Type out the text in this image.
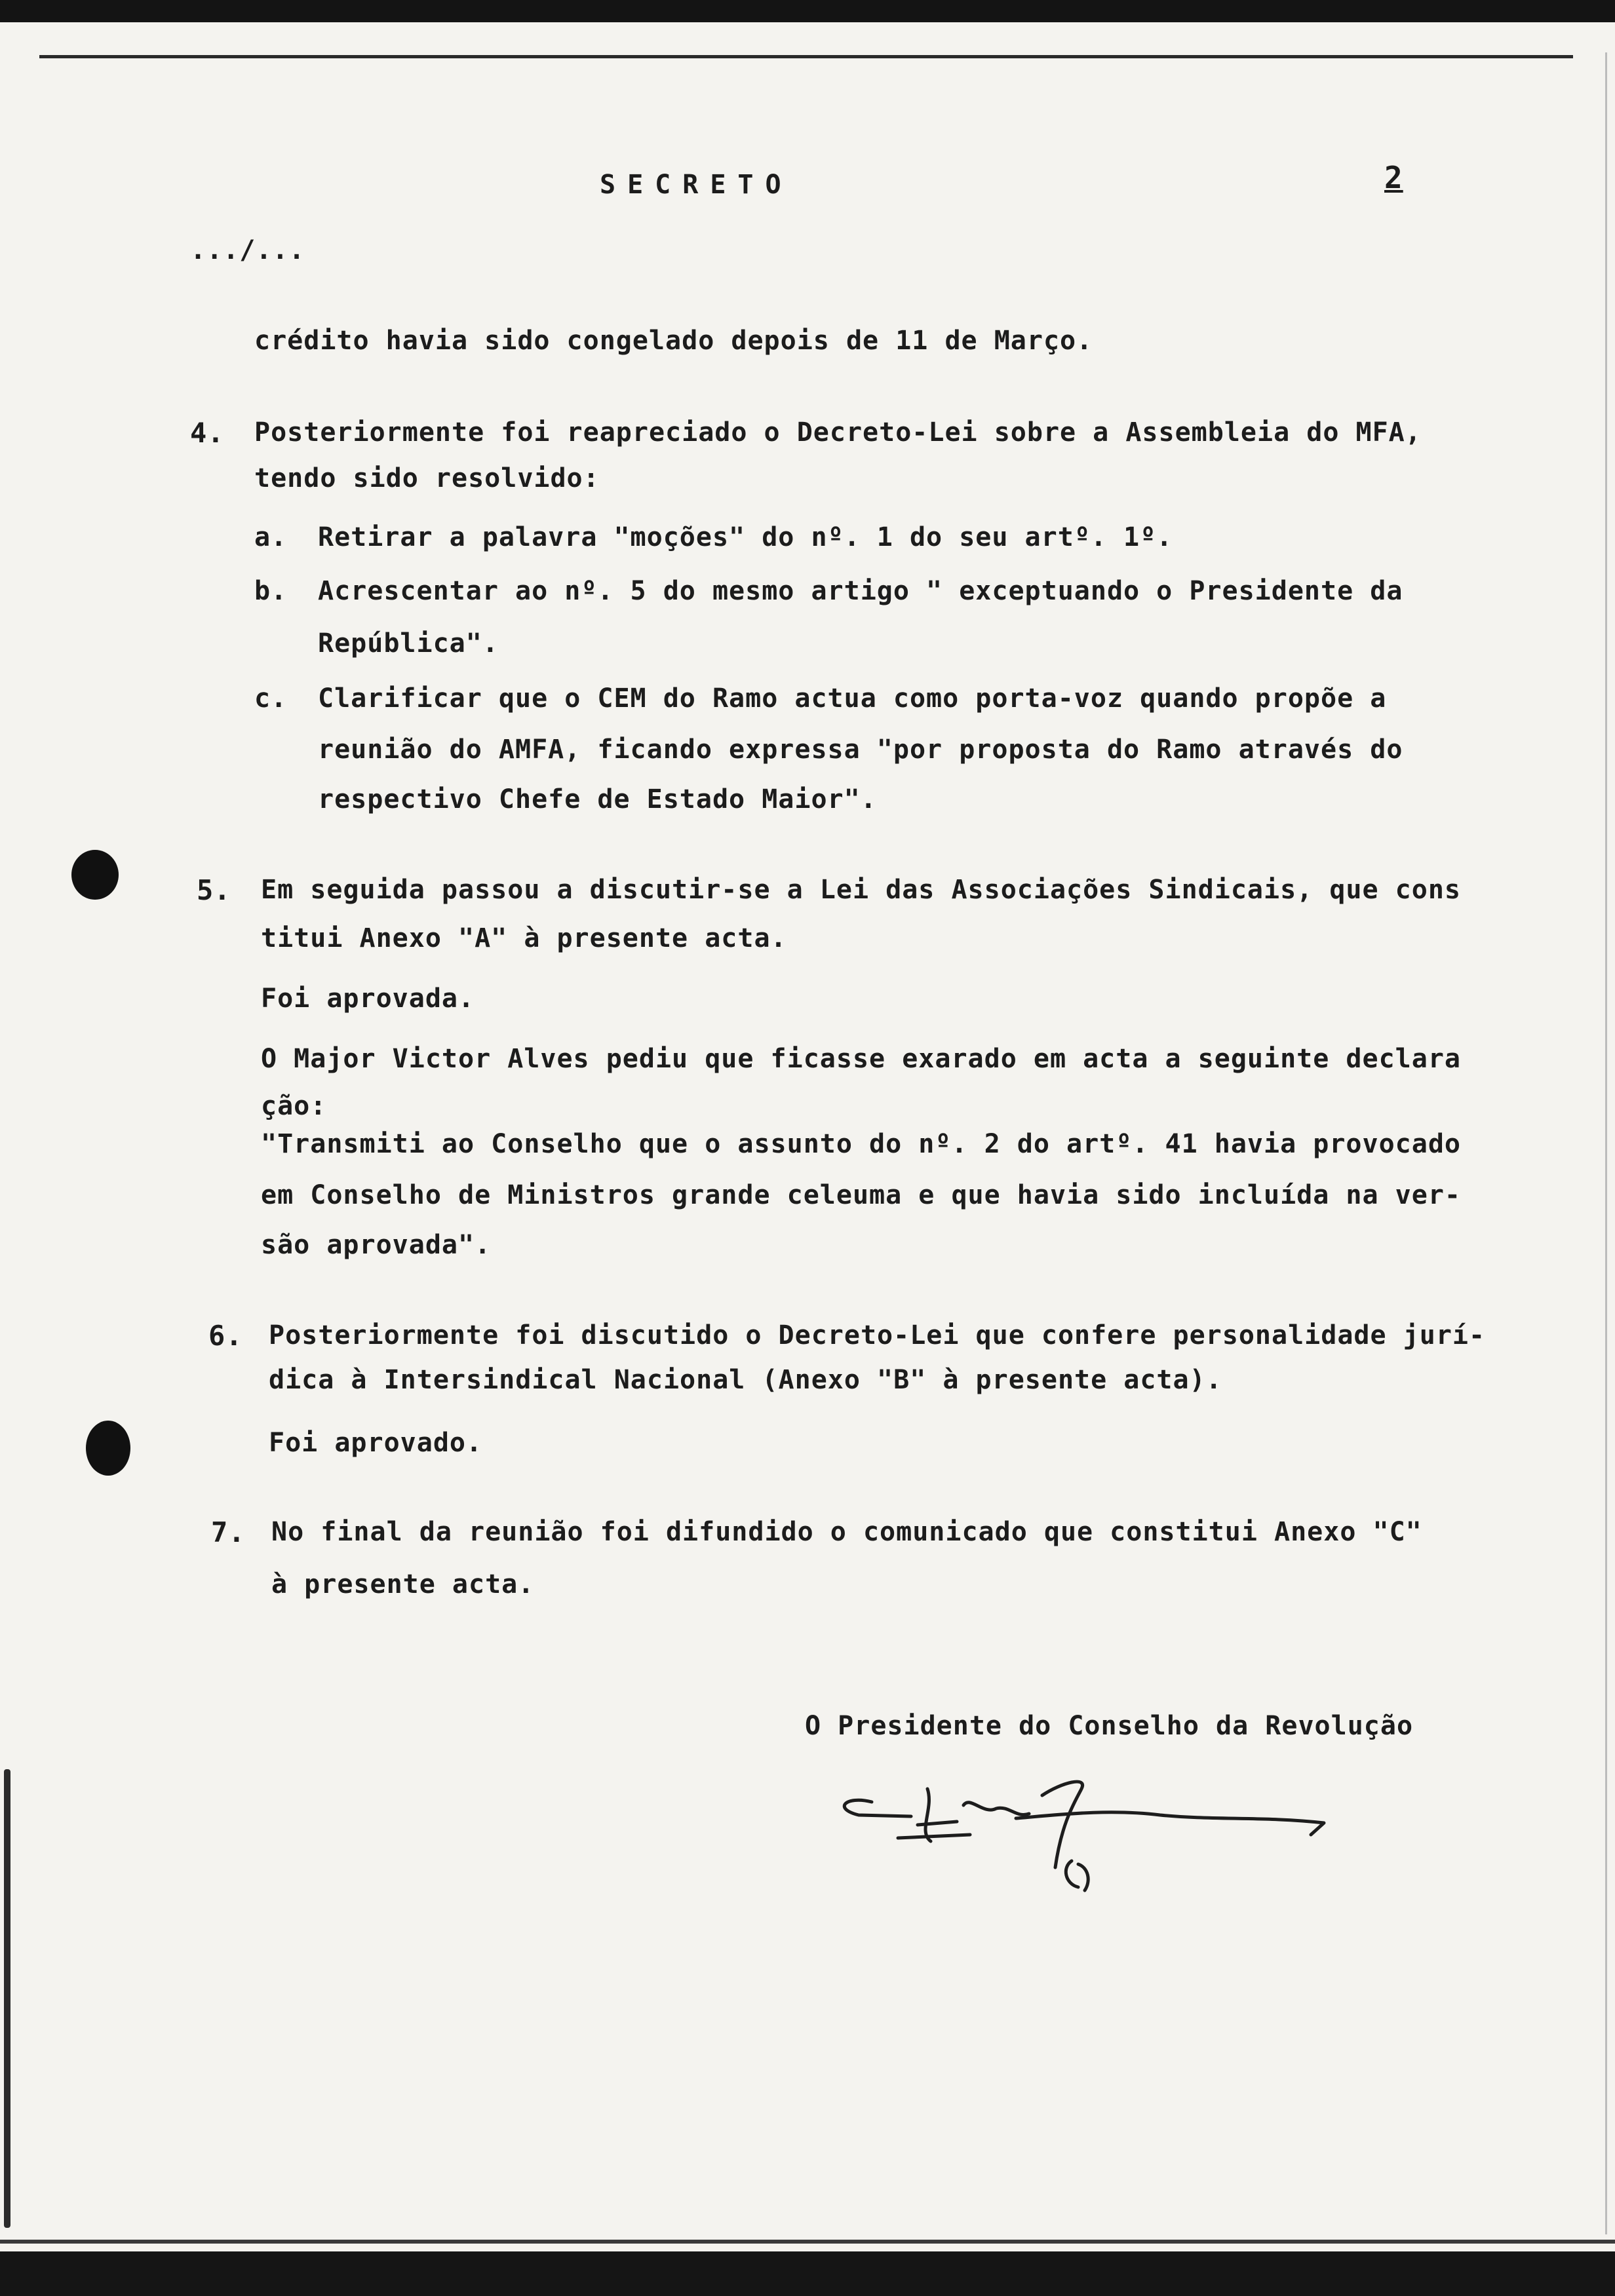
SECRETO	2
.../...
crédito havia sido congelado depois de 11 de Março.
4. Posteriormente foi reapreciado o Decreto-Lei sobre a Assembleia do MFA,
tendo sido resolvido:
a. Retirar a palavra "moções" do nº. 1 do seu artº. 1º.
b. Acrescentar ao nº. 5 do mesmo artigo " exceptuando o Presidente da
República".
c. Clarificar que o CEM do Ramo actua como porta-voz quando propõe a
reunião do AMFA, ficando expressa "por proposta do Ramo através do
respectivo Chefe de Estado Maior".
5. Em seguida passou a discutir-se a Lei das Associações Sindicais, que cons
titui Anexo "A" à presente acta.
Foi aprovada.
O Major Victor Alves pediu que ficasse exarado em acta a seguinte declara
ção:
"Transmiti ao Conselho que o assunto do nº. 2 do artº. 41 havia provocado
em Conselho de Ministros grande celeuma e que havia sido incluída na ver-
são aprovada".
6. Posteriormente foi discutido o Decreto-Lei que confere personalidade jurí-
dica à Intersindical Nacional (Anexo "B" à presente acta).
Foi aprovado.
7. No final da reunião foi difundido o comunicado que constitui Anexo "C"
à presente acta.
O Presidente do Conselho da Revolução
